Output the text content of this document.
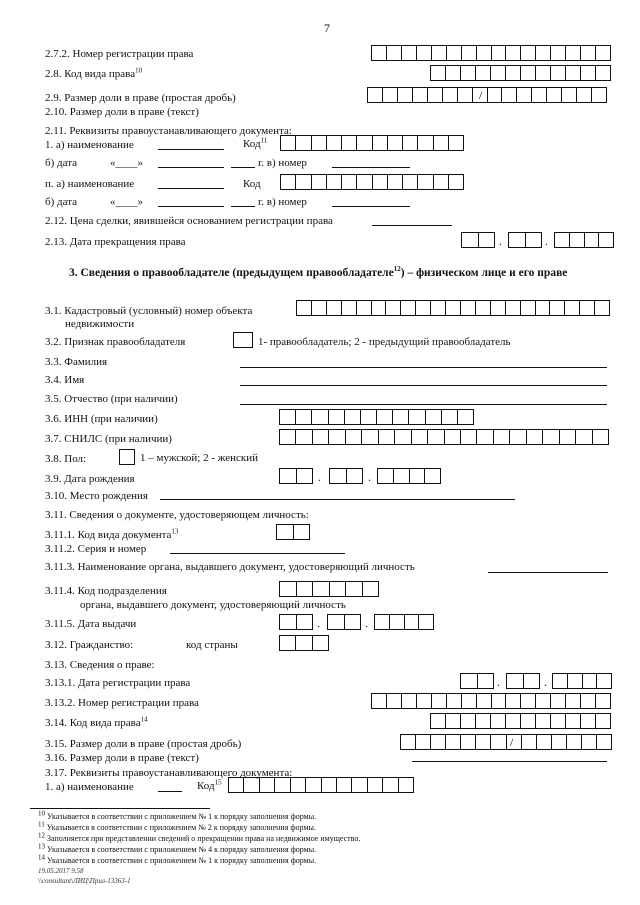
7
2.7.2. Номер регистрации права
2.8. Код вида права$^{10}$
2.9. Размер доли в праве (простая дробь)	/
2.10. Размер доли в праве (текст)
2.11. Реквизиты правоустанавливающего документа:
1. а) наименование	Код$^{11}$
б) дата	«____»	г. в) номер
п. а) наименование	Код
б) дата	«____»	г. в) номер
2.12. Цена сделки, явившейся основанием регистрации права
2.13. Дата прекращения права	.	.
3. Сведения о правообладателе (предыдущем правообладателе$^{12}$) – физическом лице и его праве
3.1. Кадастровый (условный) номер объекта
недвижимости
3.2. Признак правообладателя	1- правообладатель; 2 - предыдущий правообладатель
3.3. Фамилия
3.4. Имя
3.5. Отчество (при наличии)
3.6. ИНН (при наличии)
3.7. СНИЛС (при наличии)
3.8. Пол:	1 – мужской; 2 - женский
3.9. Дата рождения	.	.
3.10. Место рождения
3.11. Сведения о документе, удостоверяющем личность:
3.11.1. Код вида документа$^{13}$
3.11.2. Серия и номер
3.11.3. Наименование органа, выдавшего документ, удостоверяющий личность
3.11.4. Код подразделения
органа, выдавшего документ, удостоверяющий личность
3.11.5. Дата выдачи	.	.
3.12. Гражданство:	код страны
3.13. Сведения о праве:
3.13.1. Дата регистрации права	.	.
3.13.2. Номер регистрации права
3.14. Код вида права$^{14}$
3.15. Размер доли в праве (простая дробь)	/
3.16. Размер доли в праве (текст)
3.17. Реквизиты правоустанавливающего документа:
1. а) наименование	Код$^{15}$
10 Указывается в соответствии с приложением № 1 к порядку заполнения формы.
11 Указывается в соответствии с приложением № 2 к порядку заполнения формы.
12 Заполняется при представлении сведений о прекращении права на недвижимое имущество.
13 Указывается в соответствии с приложением № 4 к порядку заполнения формы.
14 Указывается в соответствии с приложением № 1 к порядку заполнения формы.
19.05.2017 9.58
\\consultant\ЛИЦ\Прил-13363-1
